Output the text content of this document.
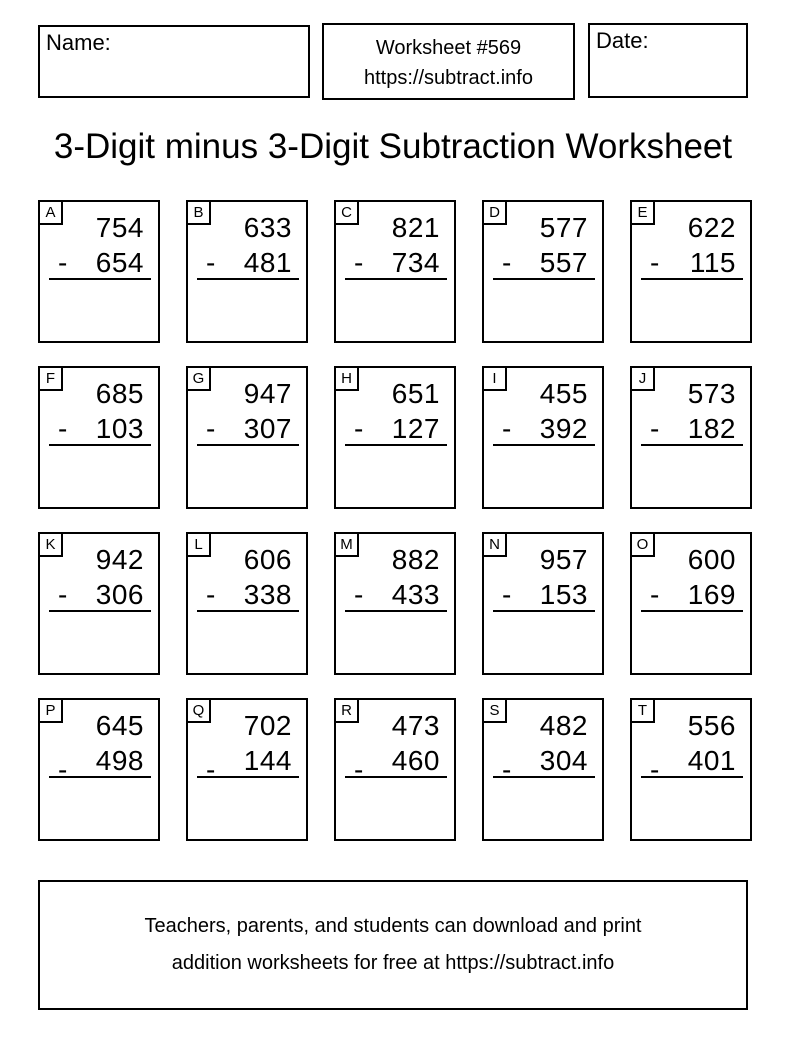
Name:	Worksheet #569
https://subtract.info
Date:
3-Digit minus 3-Digit Subtraction Worksheet
A 754
- 654
B 633
- 481
C 821
- 734
D 577
- 557
E 622
- 115
F 685
- 103
G 947
- 307
H 651
- 127
I	455
- 392
J	573
- 182
K 942
- 306
L 606
- 338
M 882
- 433
N 957
- 153
O 600
- 169
P 645
- 498
Q 702
- 144
R 473
- 460
S 482
- 304
T 556
- 401
Teachers, parents, and students can download and print
addition worksheets for free at https://subtract.info
